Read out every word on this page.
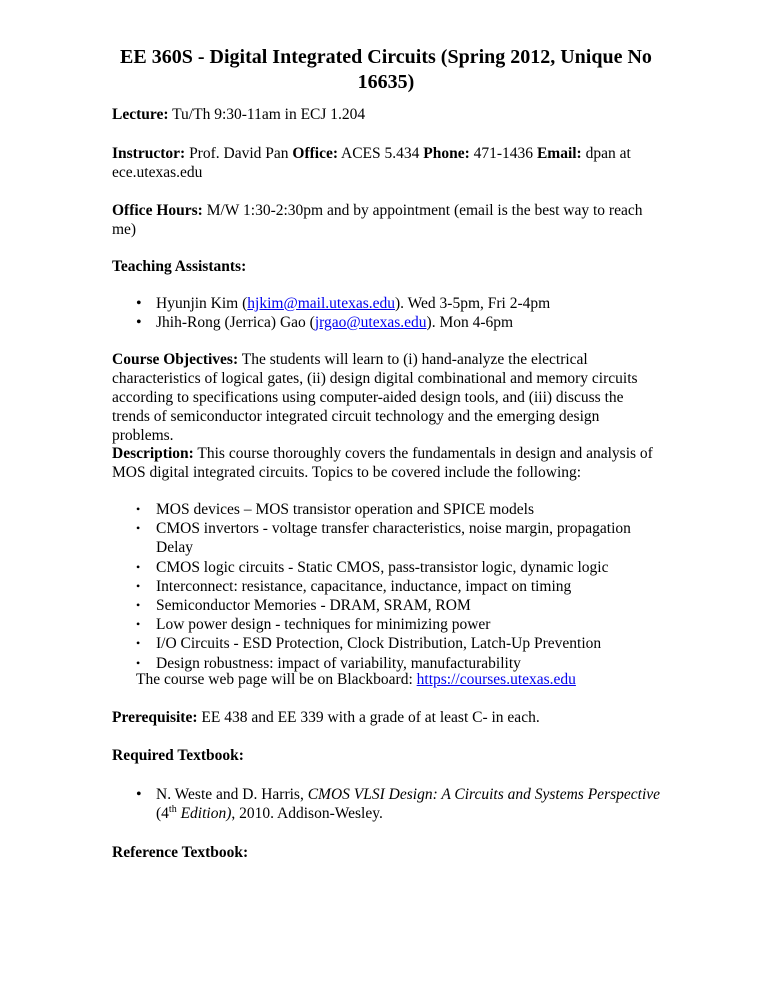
EE 360S - Digital Integrated Circuits (Spring 2012, Unique No 16635)

Lecture: Tu/Th 9:30-11am in ECJ 1.204

Instructor: Prof. David Pan Office: ACES 5.434 Phone: 471-1436 Email: dpan at ece.utexas.edu

Office Hours: M/W 1:30-2:30pm and by appointment (email is the best way to reach me)

Teaching Assistants:

• Hyunjin Kim (hjkim@mail.utexas.edu). Wed 3-5pm, Fri 2-4pm
• Jhih-Rong (Jerrica) Gao (jrgao@utexas.edu). Mon 4-6pm

Course Objectives: The students will learn to (i) hand-analyze the electrical characteristics of logical gates, (ii) design digital combinational and memory circuits according to specifications using computer-aided design tools, and (iii) discuss the trends of semiconductor integrated circuit technology and the emerging design problems.

Description: This course thoroughly covers the fundamentals in design and analysis of MOS digital integrated circuits. Topics to be covered include the following:

• MOS devices – MOS transistor operation and SPICE models
• CMOS invertors - voltage transfer characteristics, noise margin, propagation Delay
• CMOS logic circuits - Static CMOS, pass-transistor logic, dynamic logic
• Interconnect: resistance, capacitance, inductance, impact on timing
• Semiconductor Memories - DRAM, SRAM, ROM
• Low power design - techniques for minimizing power
• I/O Circuits - ESD Protection, Clock Distribution, Latch-Up Prevention
• Design robustness: impact of variability, manufacturability

The course web page will be on Blackboard: https://courses.utexas.edu

Prerequisite: EE 438 and EE 339 with a grade of at least C- in each.

Required Textbook:

• N. Weste and D. Harris, CMOS VLSI Design: A Circuits and Systems Perspective (4th Edition), 2010. Addison-Wesley.

Reference Textbook:
